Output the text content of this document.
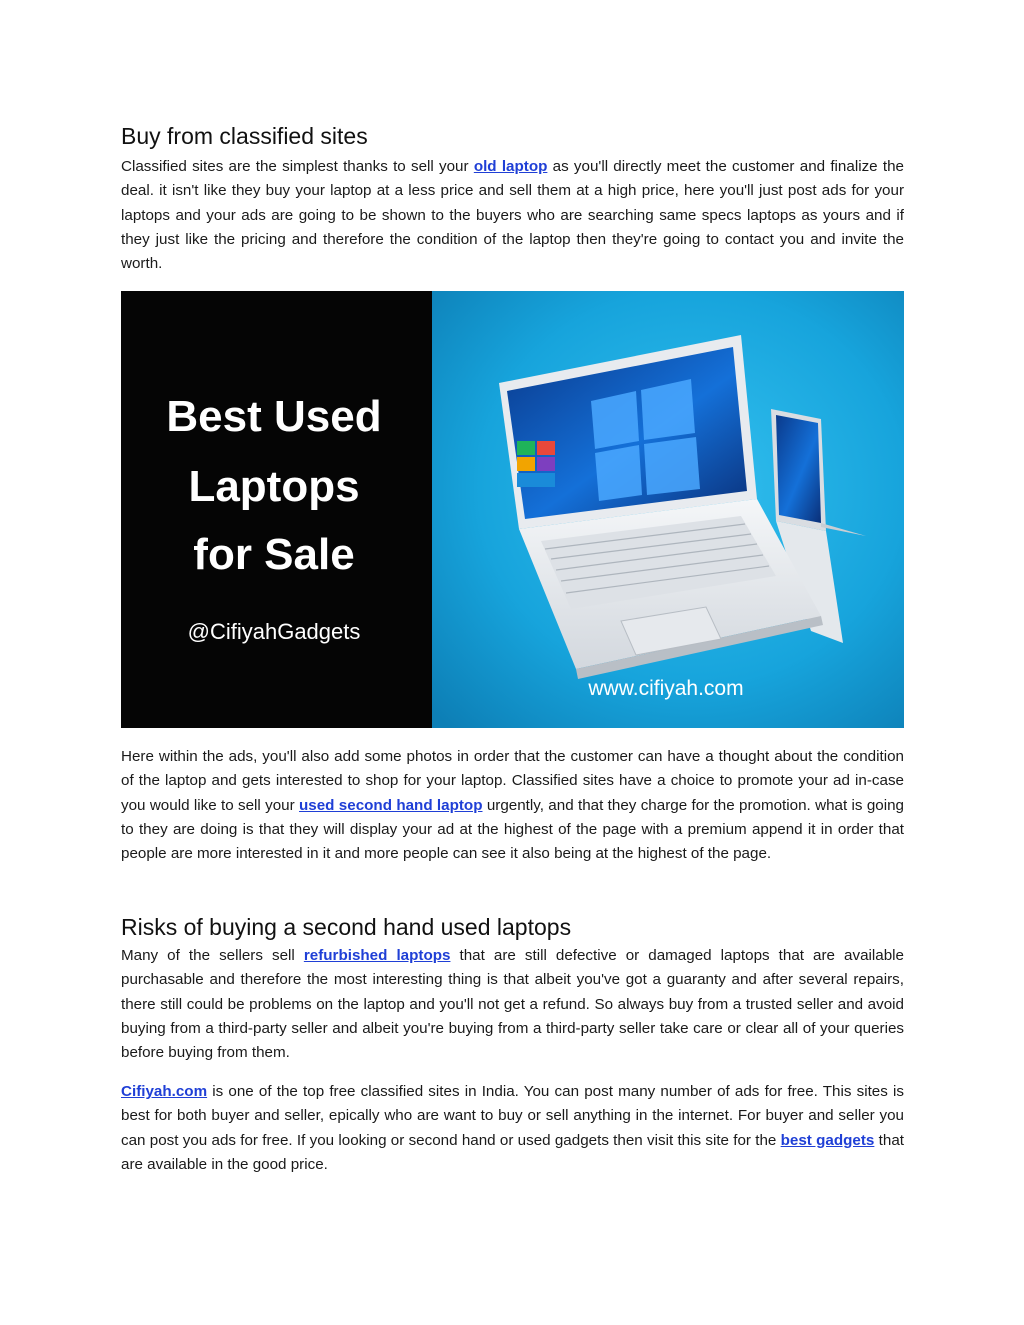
Buy from classified sites

Classified sites are the simplest thanks to sell your old laptop as you'll directly meet the customer and finalize the deal. it isn't like they buy your laptop at a less price and sell them at a high price, here you'll just post ads for your laptops and your ads are going to be shown to the buyers who are searching same specs laptops as yours and if they just like the pricing and therefore the condition of the laptop then they're going to contact you and invite the worth.

Best Used
Laptops
for Sale
@CifiyahGadgets
www.cifiyah.com

Here within the ads, you'll also add some photos in order that the customer can have a thought about the condition of the laptop and gets interested to shop for your laptop. Classified sites have a choice to promote your ad in-case you would like to sell your used second hand laptop urgently, and that they charge for the promotion. what is going to they are doing is that they will display your ad at the highest of the page with a premium append it in order that people are more interested in it and more people can see it also being at the highest of the page.

Risks of buying a second hand used laptops

Many of the sellers sell refurbished laptops that are still defective or damaged laptops that are available purchasable and therefore the most interesting thing is that albeit you've got a guaranty and after several repairs, there still could be problems on the laptop and you'll not get a refund. So always buy from a trusted seller and avoid buying from a third-party seller and albeit you're buying from a third-party seller take care or clear all of your queries before buying from them.

Cifiyah.com is one of the top free classified sites in India. You can post many number of ads for free. This sites is best for both buyer and seller, epically who are want to buy or sell anything in the internet. For buyer and seller you can post you ads for free. If you looking or second hand or used gadgets then visit this site for the best gadgets that are available in the good price.
